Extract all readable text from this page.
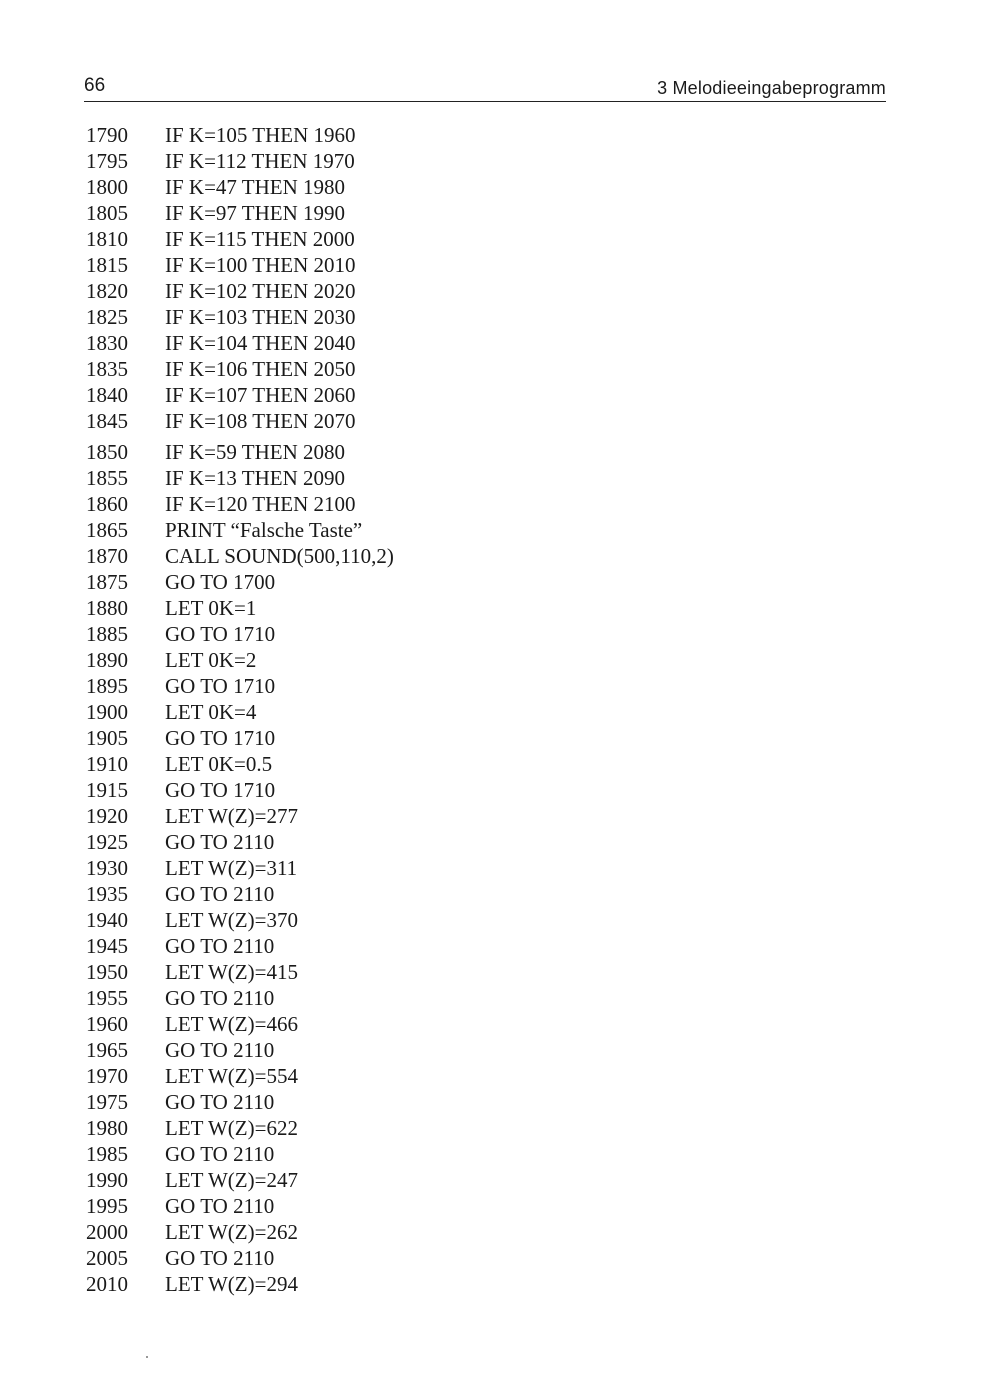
66	3 Melodieeingabeprogramm
1790	IF K=105 THEN 1960
1795	IF K=112 THEN 1970
1800	IF K=47 THEN 1980
1805	IF K=97 THEN 1990
1810	IF K=115 THEN 2000
1815	IF K=100 THEN 2010
1820	IF K=102 THEN 2020
1825	IF K=103 THEN 2030
1830	IF K=104 THEN 2040
1835	IF K=106 THEN 2050
1840	IF K=107 THEN 2060
1845	IF K=108 THEN 2070
1850	IF K=59 THEN 2080
1855	IF K=13 THEN 2090
1860	IF K=120 THEN 2100
1865	PRINT “Falsche Taste”
1870	CALL SOUND(500,110,2)
1875	GO TO 1700
1880	LET 0K=1
1885	GO TO 1710
1890	LET 0K=2
1895	GO TO 1710
1900	LET 0K=4
1905	GO TO 1710
1910	LET 0K=0.5
1915	GO TO 1710
1920	LET W(Z)=277
1925	GO TO 2110
1930	LET W(Z)=311
1935	GO TO 2110
1940	LET W(Z)=370
1945	GO TO 2110
1950	LET W(Z)=415
1955	GO TO 2110
1960	LET W(Z)=466
1965	GO TO 2110
1970	LET W(Z)=554
1975	GO TO 2110
1980	LET W(Z)=622
1985	GO TO 2110
1990	LET W(Z)=247
1995	GO TO 2110
2000	LET W(Z)=262
2005	GO TO 2110
2010	LET W(Z)=294
